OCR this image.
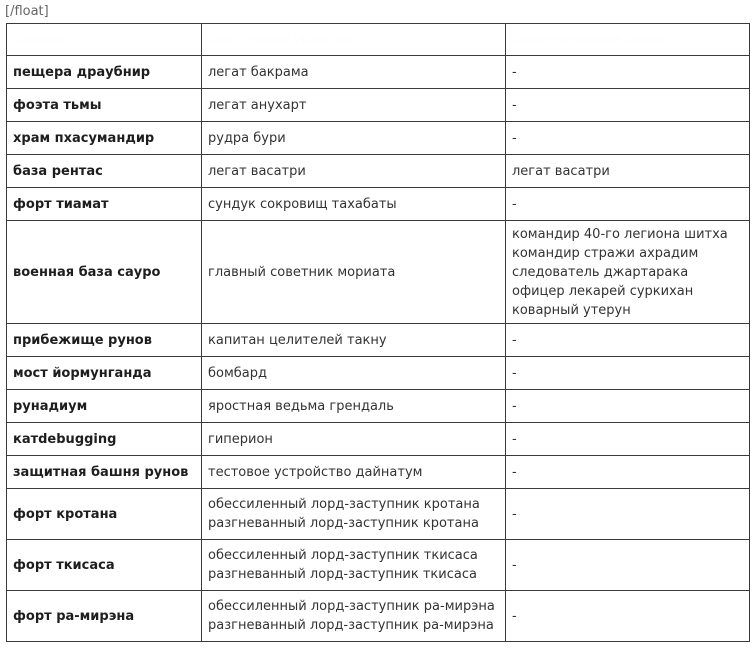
[/float]
Локация	Босс (первое убийство)	Дополнительные боссы
пещера драубнир	легат бакрама	-

фоэта тьмы	легат анухарт	-

храм пхасумандир	рудра бури	-

база рентас	легат васатри	легат васатри

форт тиамат	сундук сокровищ тахабаты	-

военная база сауро	главный советник мориата	командир 40-го легиона шитха
командир стражи ахрадим
следователь джартарака
офицер лекарей суркихан
коварный утерун

прибежище рунов	капитан целителей такну	-

мост йормунганда	бомбард	-

рунадиум	яростная ведьма грендаль	-

катdebugging	гиперион	-

защитная башня рунов	тестовое устройство дайнатум	-

форт кротана	обессиленный лорд-заступник кротана
разгневанный лорд-заступник кротана	-

форт ткисаса	обессиленный лорд-заступник ткисаса
разгневанный лорд-заступник ткисаса	-

форт ра-мирэна	обессиленный лорд-заступник ра-мирэна
разгневанный лорд-заступник ра-мирэна	-
